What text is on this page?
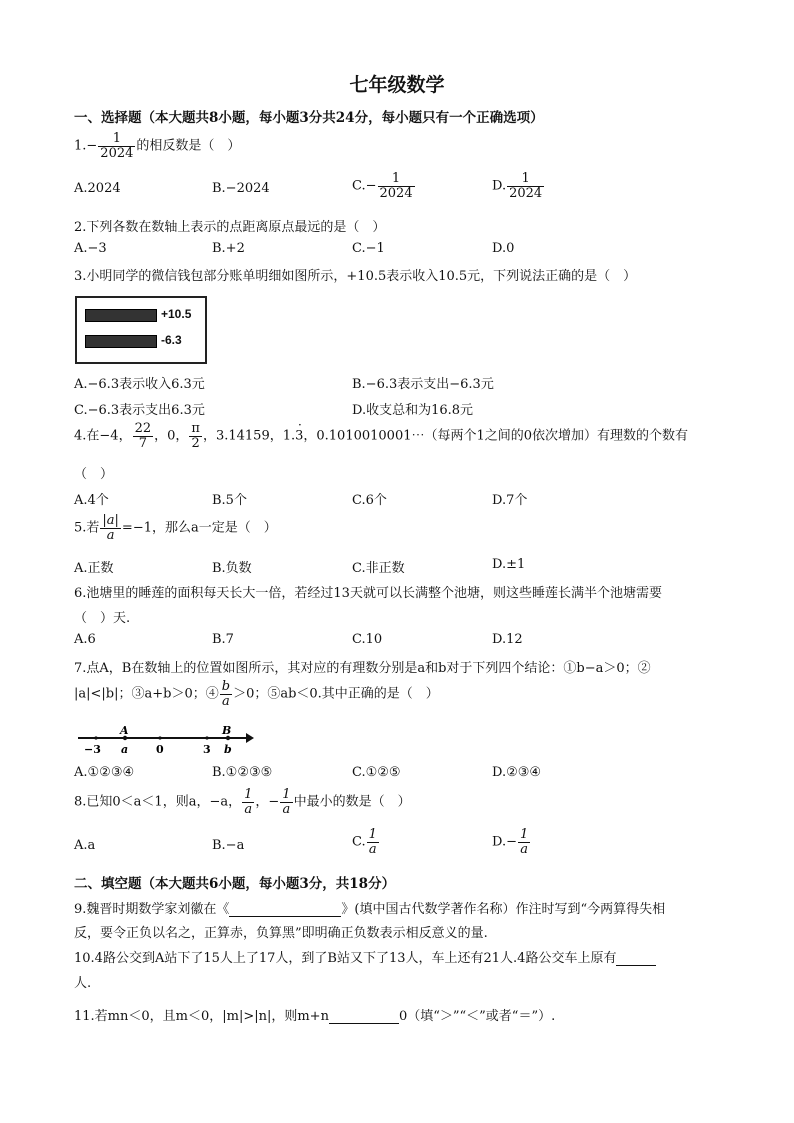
七年级数学
一、选择题（本大题共8小题，每小题3分共24分，每小题只有一个正确选项）
$1.- \frac{1}{2024}$ 的相反数是（　）
A.2024	B.−2024	$C.- \frac{1}{2024}$	D. $\frac{1}{2024}$
2.下列各数在数轴上表示的点距离原点最远的是（　）
A.−3	B.+2	C.−1	D.0
3.小明同学的微信钱包部分账单明细如图所示，+10.5表示收入10.5元，下列说法正确的是（　）
+10.5
-6.3
A.−6.3表示收入6.3元	B.−6.3表示支出−6.3元
C.−6.3表示支出6.3元	D.收支总和为16.8元
4.在−4， $\frac{22}{7}$ ，0， $\frac{\pi}{2}$ ，3.14159，1.3，0.1010010001⋯（每两个1之间的0依次增加）有理数的个数有
·
（　）
A.4个	B.5个	C.6个	D.7个
5.若 $\frac{|a|}{a} =-1$，那么a一定是（　）
A.正数	B.负数	C.非正数	D.±1
6.池塘里的睡莲的面积每天长大一倍，若经过13天就可以长满整个池塘，则这些睡莲长满半个池塘需要
（　）天.
A.6	B.7	C.10	D.12
7.点A，B在数轴上的位置如图所示，其对应的有理数分别是a和b对于下列四个结论：①b−a＞0；②
|a|<|b|；③a+b＞0；④ $\frac{b}{a} >0$；⑤ab＜0.其中正确的是（　）
A	B
−3 a	0	3 b
A.①②③④	B.①②③⑤	C.①②⑤	D.②③④
8.已知0＜a＜1，则a，−a， $\frac{1}{a}$ ，− $\frac{1}{a}$ 中最小的数是（　）
A.a	B.−a	C. $\frac{1}{a}$	$D.- \frac{1}{a}$
二、填空题（本大题共6小题，每小题3分，共18分）
9.魏晋时期数学家刘徽在《	》(填中国古代数学著作名称）作注时写到“今两算得失相
反，要令正负以名之，正算赤，负算黑”即明确正负数表示相反意义的量.
10.4路公交到A站下了15人上了17人，到了B站又下了13人，车上还有21人.4路公交车上原有
人.
11.若mn＜0，且m＜0，|m|>|n|，则m+n	0（填“＞”“＜”或者“＝”）.
